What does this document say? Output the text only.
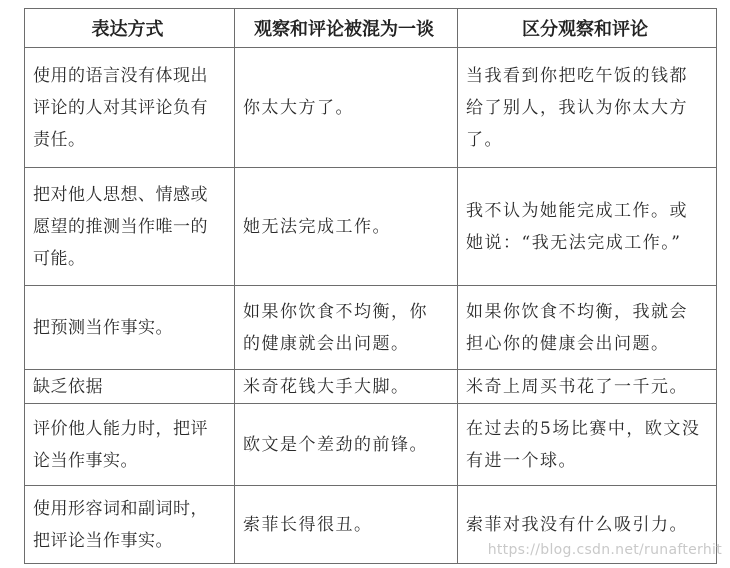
表达方式	观察和评论被混为一谈	区分观察和评论
使用的语言没有体现出评论的人对其评论负有责任。	你太大方了。	当我看到你把吃午饭的钱都给了别人，我认为你太大方了。
把对他人思想、情感或愿望的推测当作唯一的可能。	她无法完成工作。	我不认为她能完成工作。或她说：“我无法完成工作。”
把预测当作事实。	如果你饮食不均衡，你的健康就会出问题。	如果你饮食不均衡，我就会担心你的健康会出问题。
缺乏依据	米奇花钱大手大脚。	米奇上周买书花了一千元。
评价他人能力时，把评论当作事实。	欧文是个差劲的前锋。	在过去的5场比赛中，欧文没有进一个球。
使用形容词和副词时，把评论当作事实。	索菲长得很丑。	索菲对我没有什么吸引力。
https://blog.csdn.net/runafterhit
